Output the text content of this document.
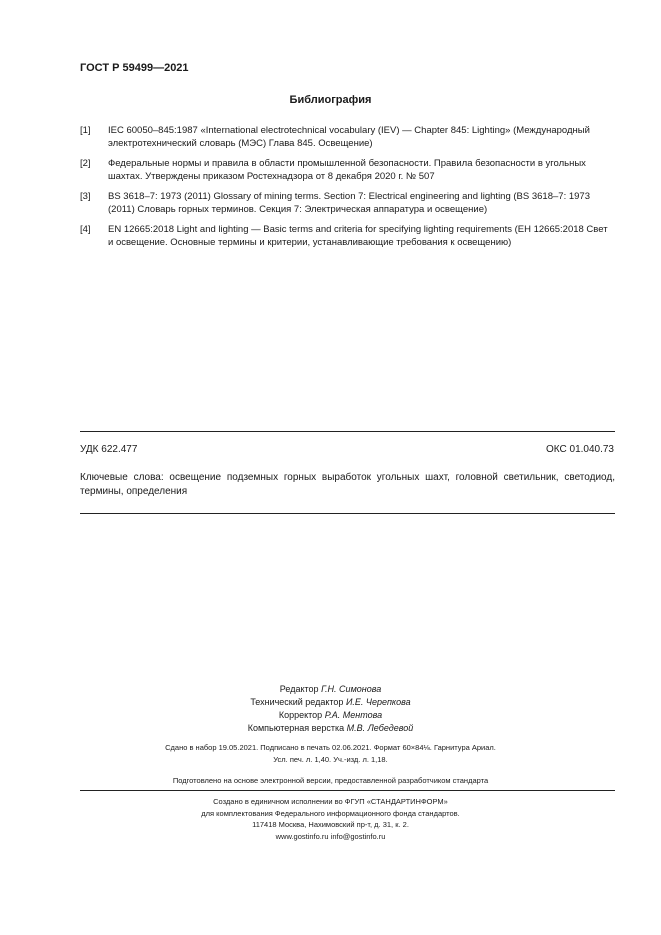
ГОСТ Р 59499—2021
Библиография
[1]	IEC 60050–845:1987 «International electrotechnical vocabulary (IEV) — Chapter 845: Lighting» (Международный электротехнический словарь (МЭС) Глава 845. Освещение)
[2]	Федеральные нормы и правила в области промышленной безопасности. Правила безопасности в угольных шахтах. Утверждены приказом Ростехнадзора от 8 декабря 2020 г. № 507
[3]	BS 3618–7: 1973 (2011) Glossary of mining terms. Section 7: Electrical engineering and lighting (BS 3618–7: 1973 (2011) Словарь горных терминов. Секция 7: Электрическая аппаратура и освещение)
[4]	EN 12665:2018 Light and lighting — Basic terms and criteria for specifying lighting requirements (ЕН 12665:2018 Свет и освещение. Основные термины и критерии, устанавливающие требования к освещению)
УДК 622.477	ОКС 01.040.73
Ключевые слова: освещение подземных горных выработок угольных шахт, головной светильник, светодиод, термины, определения
Редактор Г.Н. Симонова
Технический редактор И.Е. Черепкова
Корректор Р.А. Ментова
Компьютерная верстка М.В. Лебедевой
Сдано в набор 19.05.2021. Подписано в печать 02.06.2021. Формат 60×84⅛. Гарнитура Ариал.
Усл. печ. л. 1,40. Уч.-изд. л. 1,18.
Подготовлено на основе электронной версии, предоставленной разработчиком стандарта
Создано в единичном исполнении во ФГУП «СТАНДАРТИНФОРМ»
для комплектования Федерального информационного фонда стандартов.
117418 Москва, Нахимовский пр-т, д. 31, к. 2.
www.gostinfo.ru info@gostinfo.ru
